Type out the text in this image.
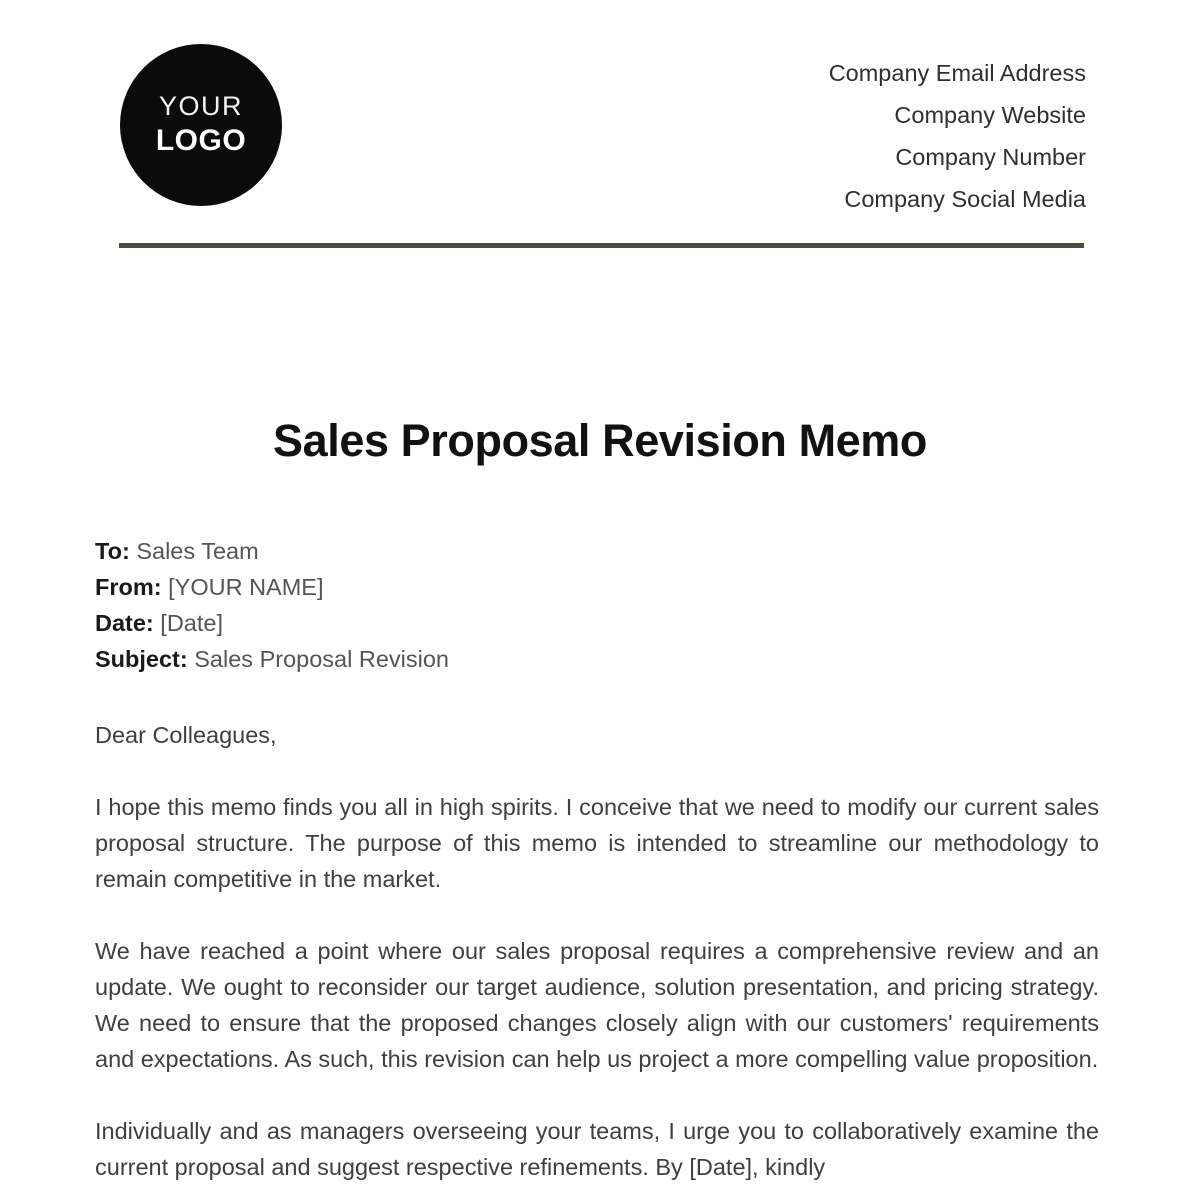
YOUR
LOGO
Company Email Address
Company Website
Company Number
Company Social Media
Sales Proposal Revision Memo
To: Sales Team
From: [YOUR NAME]
Date: [Date]
Subject: Sales Proposal Revision

Dear Colleagues,

I hope this memo finds you all in high spirits. I conceive that we need to modify our current sales proposal structure. The purpose of this memo is intended to streamline our methodology to remain competitive in the market.

We have reached a point where our sales proposal requires a comprehensive review and an update. We ought to reconsider our target audience, solution presentation, and pricing strategy. We need to ensure that the proposed changes closely align with our customers' requirements and expectations. As such, this revision can help us project a more compelling value proposition.

Individually and as managers overseeing your teams, I urge you to collaboratively examine the current proposal and suggest respective refinements. By [Date], kindly
